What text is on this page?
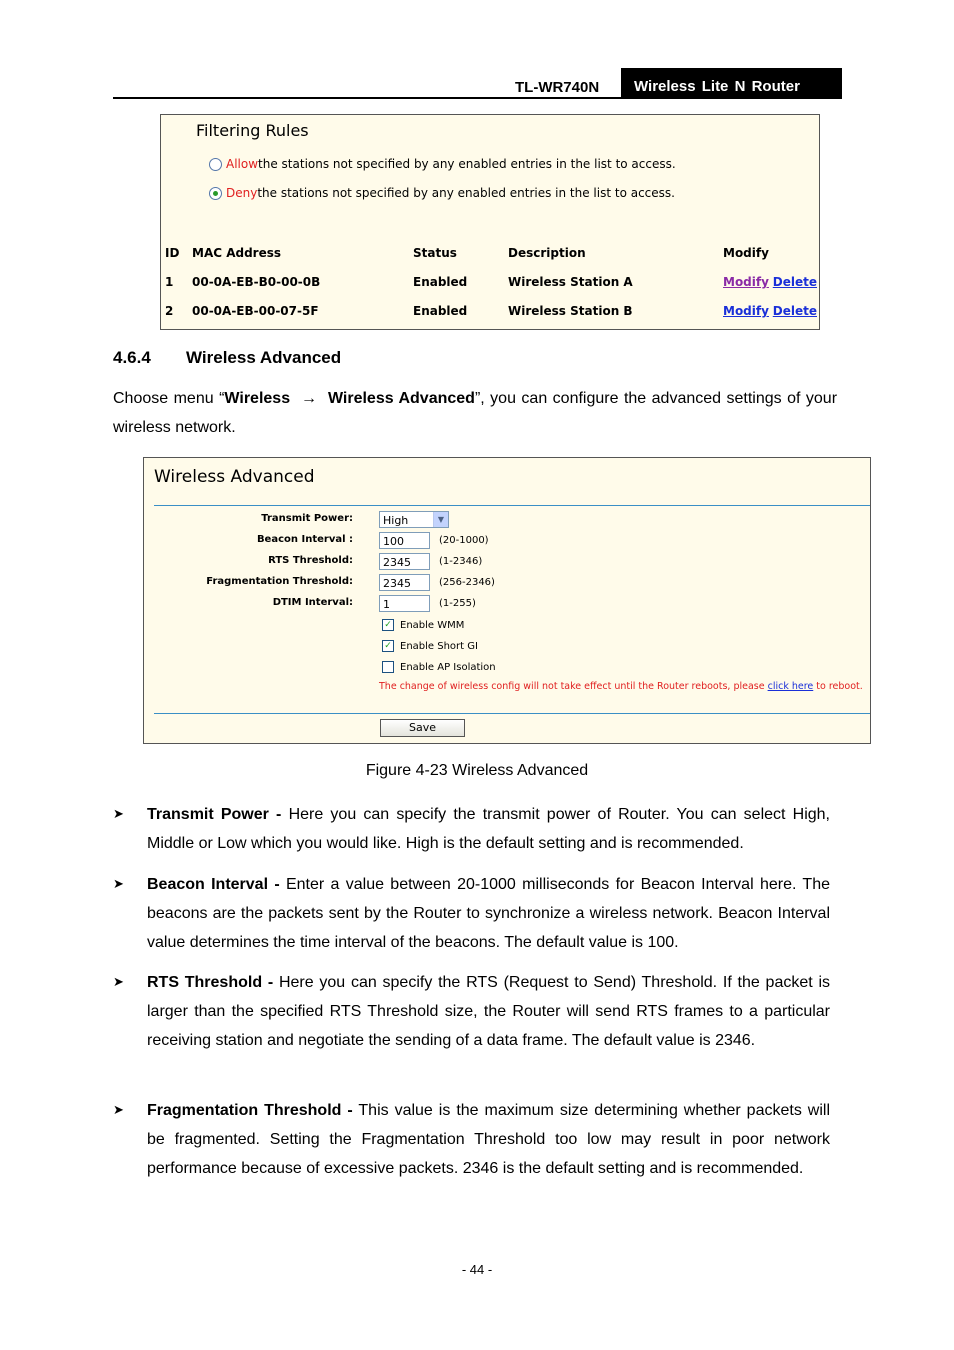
TL-WR740N	Wireless Lite N Router
Filtering Rules
Allow the stations not specified by any enabled entries in the list to access.
Deny the stations not specified by any enabled entries in the list to access.
ID MAC Address	Status	Description	Modify
1 00-0A-EB-B0-00-0B	Enabled	Wireless Station A	Modify Delete
2 00-0A-EB-00-07-5F	Enabled	Wireless Station B	Modify Delete
4.6.4 Wireless Advanced
Choose menu “Wireless → Wireless Advanced”, you can configure the advanced settings of your wireless network.
Wireless Advanced
Transmit Power:	High	▼
Beacon Interval :	100	(20-1000)
RTS Threshold:	2345	(1-2346)
Fragmentation Threshold:	2345	(256-2346)
DTIM Interval:	1	(1-255)
✓ Enable WMM
✓ Enable Short GI
Enable AP Isolation
The change of wireless config will not take effect until the Router reboots, please click here to reboot.
Save
Figure 4-23 Wireless Advanced
➤ Transmit Power - Here you can specify the transmit power of Router. You can select High, Middle or Low which you would like. High is the default setting and is recommended.
➤ Beacon Interval - Enter a value between 20-1000 milliseconds for Beacon Interval here. The beacons are the packets sent by the Router to synchronize a wireless network. Beacon Interval value determines the time interval of the beacons. The default value is 100.
➤ RTS Threshold - Here you can specify the RTS (Request to Send) Threshold. If the packet is larger than the specified RTS Threshold size, the Router will send RTS frames to a particular receiving station and negotiate the sending of a data frame. The default value is 2346.
➤ Fragmentation Threshold - This value is the maximum size determining whether packets will be fragmented. Setting the Fragmentation Threshold too low may result in poor network performance because of excessive packets. 2346 is the default setting and is recommended.
- 44 -
